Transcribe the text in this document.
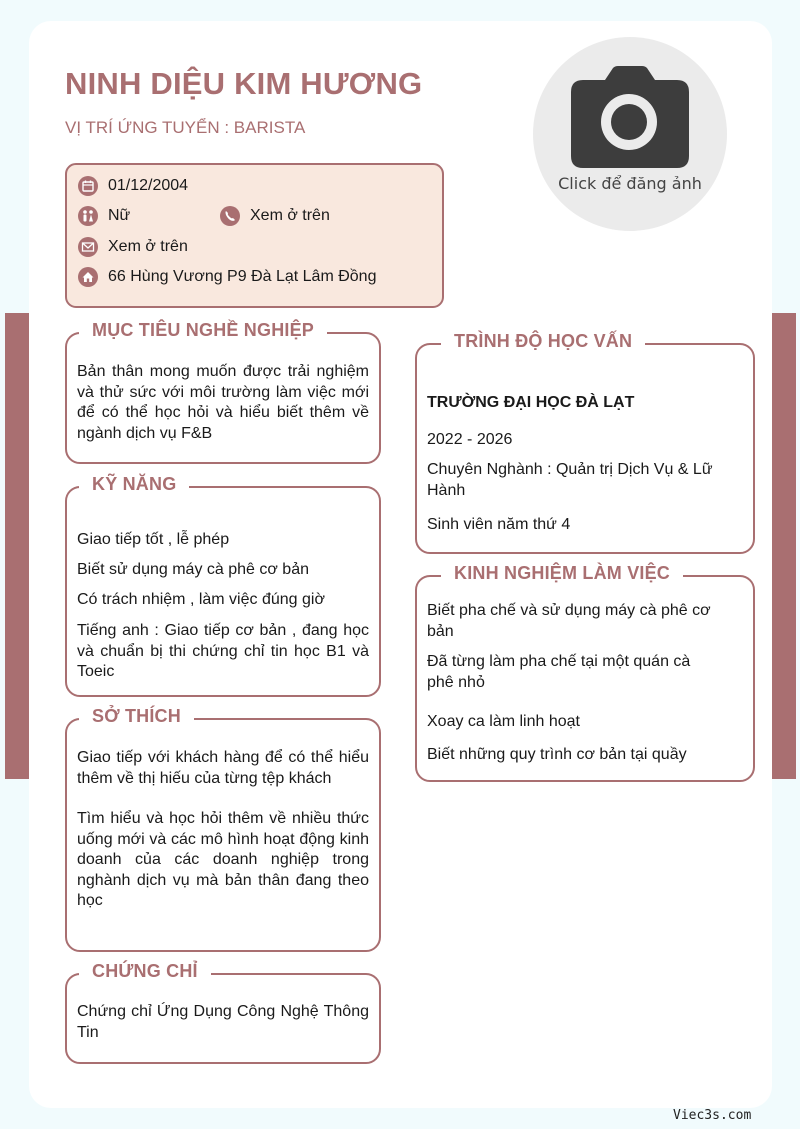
NINH DIỆU KIM HƯƠNG
VỊ TRÍ ỨNG TUYỂN : BARISTA
Click để đăng ảnh
01/12/2004
Nữ	Xem ở trên
Xem ở trên
66 Hùng Vương P9 Đà Lạt Lâm Đồng
MỤC TIÊU NGHỀ NGHIỆP
Bản thân mong muốn được trải nghiệm và thử sức với môi trường làm việc mới để có thể học hỏi và hiểu biết thêm về ngành dịch vụ F&B
KỸ NĂNG
Giao tiếp tốt , lễ phép
Biết sử dụng máy cà phê cơ bản
Có trách nhiệm , làm việc đúng giờ
Tiếng anh : Giao tiếp cơ bản , đang học và chuẩn bị thi chứng chỉ tin học B1 và Toeic
SỞ THÍCH
Giao tiếp với khách hàng để có thể hiểu thêm về thị hiếu của từng tệp khách
Tìm hiểu và học hỏi thêm về nhiều thức uống mới và các mô hình hoạt động kinh doanh của các doanh nghiệp trong nghành dịch vụ mà bản thân đang theo học
CHỨNG CHỈ
Chứng chỉ Ứng Dụng Công Nghệ Thông Tin
TRÌNH ĐỘ HỌC VẤN
TRƯỜNG ĐẠI HỌC ĐÀ LẠT
2022 - 2026
Chuyên Nghành : Quản trị Dịch Vụ & Lữ Hành
Sinh viên năm thứ 4
KINH NGHIỆM LÀM VIỆC
Biết pha chế và sử dụng máy cà phê cơ bản
Đã từng làm pha chế tại một quán cà phê nhỏ
Xoay ca làm linh hoạt
Biết những quy trình cơ bản tại quầy
Viec3s.com
